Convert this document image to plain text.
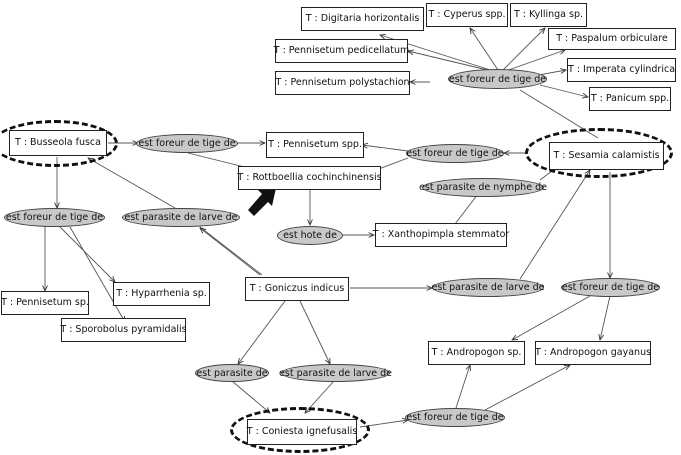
T : Digitaria horizontalis T : Cyperus spp. T : Kyllinga sp.
T : Paspalum orbiculare
T : Pennisetum pedicellatum
T : Imperata cylindrica
T : Pennisetum polystachion
T : Panicum spp.
T : Busseola fusca	T : Pennisetum spp.
T : Sesamia calamistis
T : Rottboellia cochinchinensis
T : Xanthopimpla stemmator
T : Goniczus indicus
T : Hyparrhenia sp.
T : Pennisetum sp.
T : Sporobolus pyramidalis
T : Andropogon sp.	T : Andropogon gayanus
T : Coniesta ignefusalis
est foreur de tige de
est foreur de tige de
est foreur de tige de
est parasite de nymphe de
est foreur de tige de est parasite de larve de
est hote de
est parasite de larve de est foreur de tige de
est parasite de est parasite de larve de
est foreur de tige de
